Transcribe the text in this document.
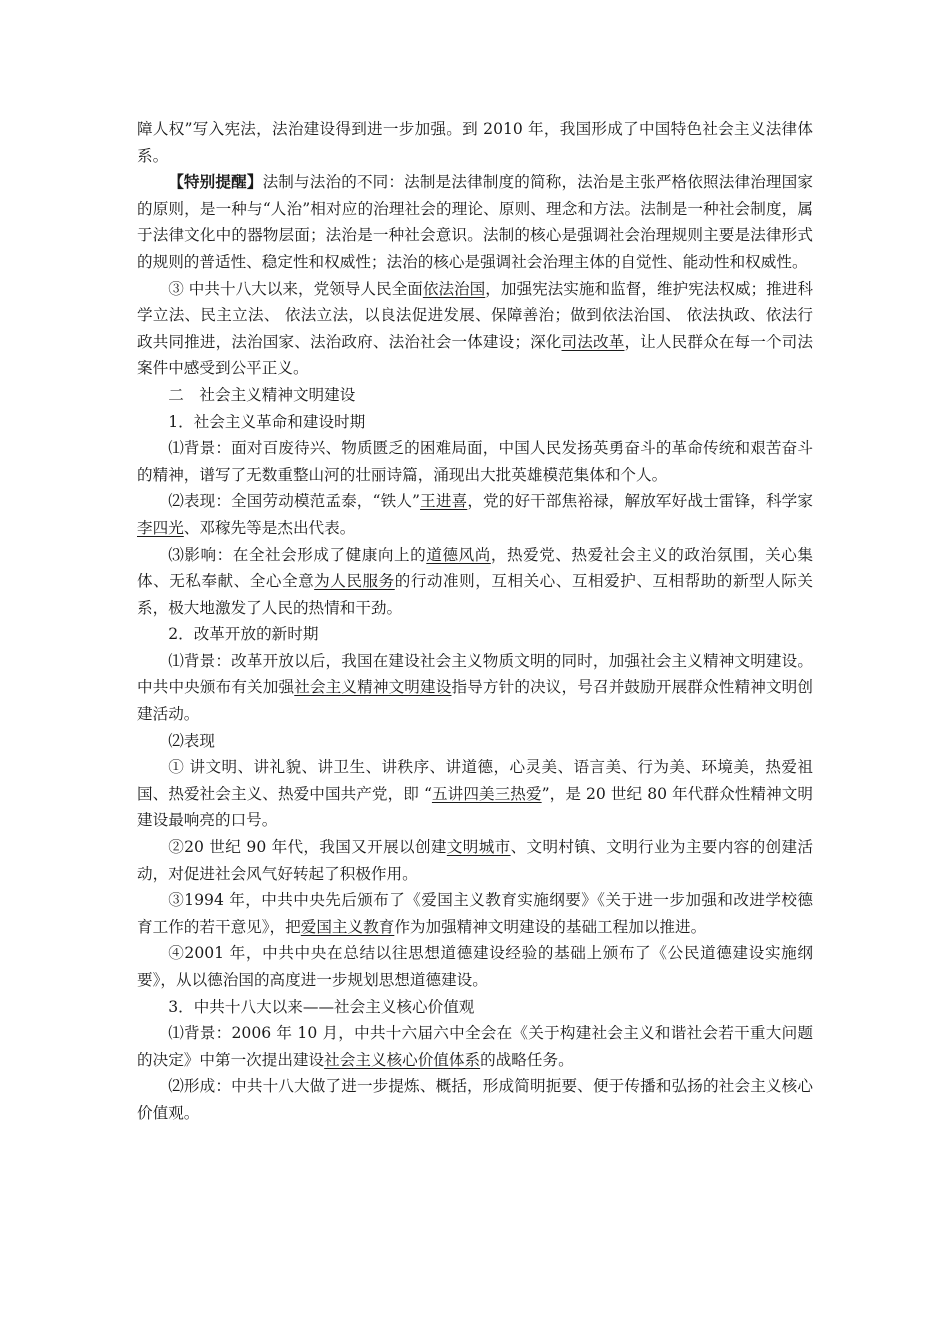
障人权”写入宪法，法治建设得到进一步加强。到 2010 年，我国形成了中国特色社会主义法律体系。

【特别提醒】法制与法治的不同：法制是法律制度的简称，法治是主张严格依照法律治理国家的原则，是一种与“人治”相对应的治理社会的理论、原则、理念和方法。法制是一种社会制度，属于法律文化中的器物层面；法治是一种社会意识。法制的核心是强调社会治理规则主要是法律形式的规则的普适性、稳定性和权威性；法治的核心是强调社会治理主体的自觉性、能动性和权威性。

③ 中共十八大以来，党领导人民全面依法治国，加强宪法实施和监督，维护宪法权威；推进科学立法、民主立法、 依法立法，以良法促进发展、保障善治；做到依法治国、 依法执政、依法行政共同推进，法治国家、法治政府、法治社会一体建设；深化司法改革，让人民群众在每一个司法案件中感受到公平正义。

二　社会主义精神文明建设

1．社会主义革命和建设时期

⑴背景：面对百废待兴、物质匮乏的困难局面，中国人民发扬英勇奋斗的革命传统和艰苦奋斗的精神，谱写了无数重整山河的壮丽诗篇，涌现出大批英雄模范集体和个人。

⑵表现：全国劳动模范孟泰，“铁人”王进喜，党的好干部焦裕禄，解放军好战士雷锋，科学家李四光、邓稼先等是杰出代表。

⑶影响：在全社会形成了健康向上的道德风尚，热爱党、热爱社会主义的政治氛围，关心集体、无私奉献、全心全意为人民服务的行动准则，互相关心、互相爱护、互相帮助的新型人际关系，极大地激发了人民的热情和干劲。

2．改革开放的新时期

⑴背景：改革开放以后，我国在建设社会主义物质文明的同时，加强社会主义精神文明建设。中共中央颁布有关加强社会主义精神文明建设指导方针的决议，号召并鼓励开展群众性精神文明创建活动。

⑵表现

① 讲文明、讲礼貌、讲卫生、讲秩序、讲道德，心灵美、语言美、行为美、环境美，热爱祖国、热爱社会主义、热爱中国共产党，即 “五讲四美三热爱”，是 20 世纪 80 年代群众性精神文明建设最响亮的口号。

②20 世纪 90 年代，我国又开展以创建文明城市、文明村镇、文明行业为主要内容的创建活动，对促进社会风气好转起了积极作用。

③1994 年，中共中央先后颁布了《爱国主义教育实施纲要》《关于进一步加强和改进学校德育工作的若干意见》，把爱国主义教育作为加强精神文明建设的基础工程加以推进。

④2001 年，中共中央在总结以往思想道德建设经验的基础上颁布了《公民道德建设实施纲要》，从以德治国的高度进一步规划思想道德建设。

3．中共十八大以来——社会主义核心价值观

⑴背景：2006 年 10 月，中共十六届六中全会在《关于构建社会主义和谐社会若干重大问题的决定》中第一次提出建设社会主义核心价值体系的战略任务。

⑵形成：中共十八大做了进一步提炼、概括，形成简明扼要、便于传播和弘扬的社会主义核心价值观。
